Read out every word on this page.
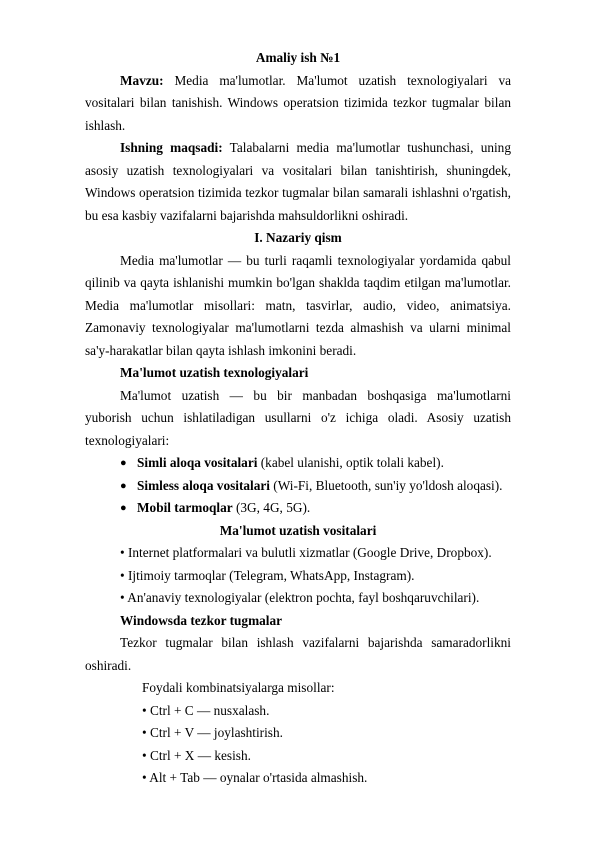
Amaliy ish №1

Mavzu: Media ma'lumotlar. Ma'lumot uzatish texnologiyalari va vositalari bilan tanishish. Windows operatsion tizimida tezkor tugmalar bilan ishlash.

Ishning maqsadi: Talabalarni media ma'lumotlar tushunchasi, uning asosiy uzatish texnologiyalari va vositalari bilan tanishtirish, shuningdek, Windows operatsion tizimida tezkor tugmalar bilan samarali ishlashni o'rgatish, bu esa kasbiy vazifalarni bajarishda mahsuldorlikni oshiradi.

I. Nazariy qism

Media ma'lumotlar — bu turli raqamli texnologiyalar yordamida qabul qilinib va qayta ishlanishi mumkin bo'lgan shaklda taqdim etilgan ma'lumotlar. Media ma'lumotlar misollari: matn, tasvirlar, audio, video, animatsiya. Zamonaviy texnologiyalar ma'lumotlarni tezda almashish va ularni minimal sa'y-harakatlar bilan qayta ishlash imkonini beradi.

Ma'lumot uzatish texnologiyalari

Ma'lumot uzatish — bu bir manbadan boshqasiga ma'lumotlarni yuborish uchun ishlatiladigan usullarni o'z ichiga oladi. Asosiy uzatish texnologiyalari:

● Simli aloqa vositalari (kabel ulanishi, optik tolali kabel).

● Simless aloqa vositalari (Wi-Fi, Bluetooth, sun'iy yo'ldosh aloqasi).

● Mobil tarmoqlar (3G, 4G, 5G).

Ma'lumot uzatish vositalari

• Internet platformalari va bulutli xizmatlar (Google Drive, Dropbox).

• Ijtimoiy tarmoqlar (Telegram, WhatsApp, Instagram).

• An'anaviy texnologiyalar (elektron pochta, fayl boshqaruvchilari).

Windowsda tezkor tugmalar

Tezkor tugmalar bilan ishlash vazifalarni bajarishda samaradorlikni oshiradi.

Foydali kombinatsiyalarga misollar:

• Ctrl + C — nusxalash.

• Ctrl + V — joylashtirish.

• Ctrl + X — kesish.

• Alt + Tab — oynalar o'rtasida almashish.
